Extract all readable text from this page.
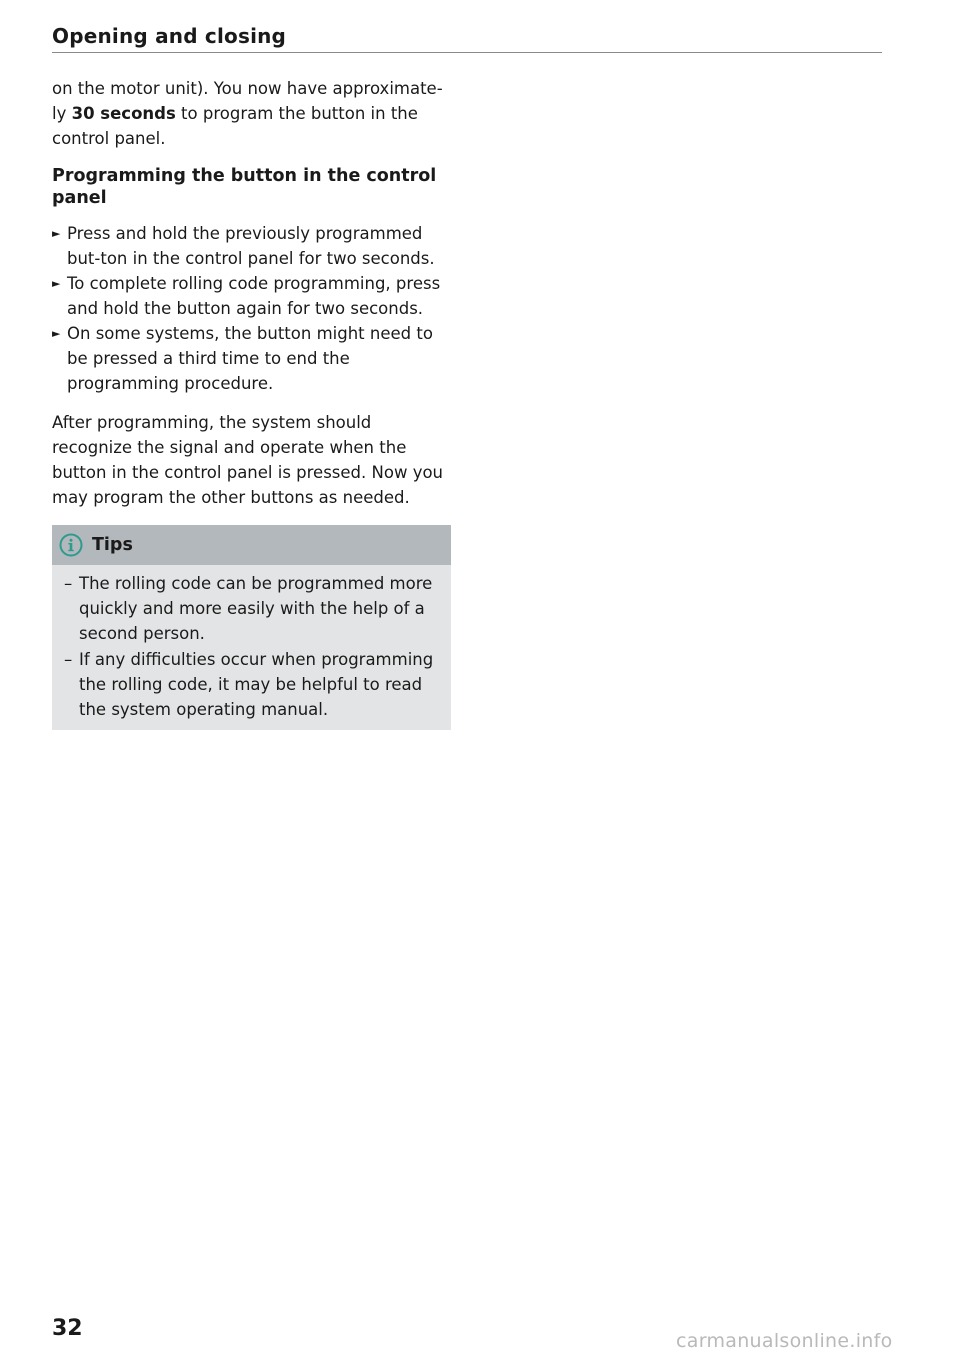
Opening and closing

on the motor unit). You now have approximate-ly 30 seconds to program the button in the control panel.

Programming the button in the control panel
► Press and hold the previously programmed but-ton in the control panel for two seconds.
► To complete rolling code programming, press and hold the button again for two seconds.
► On some systems, the button might need to be pressed a third time to end the programming procedure.

After programming, the system should recognize the signal and operate when the button in the control panel is pressed. Now you may program the other buttons as needed.

Tips
– The rolling code can be programmed more quickly and more easily with the help of a second person.
– If any difficulties occur when programming the rolling code, it may be helpful to read the system operating manual.
32	carmanualsonline.info
